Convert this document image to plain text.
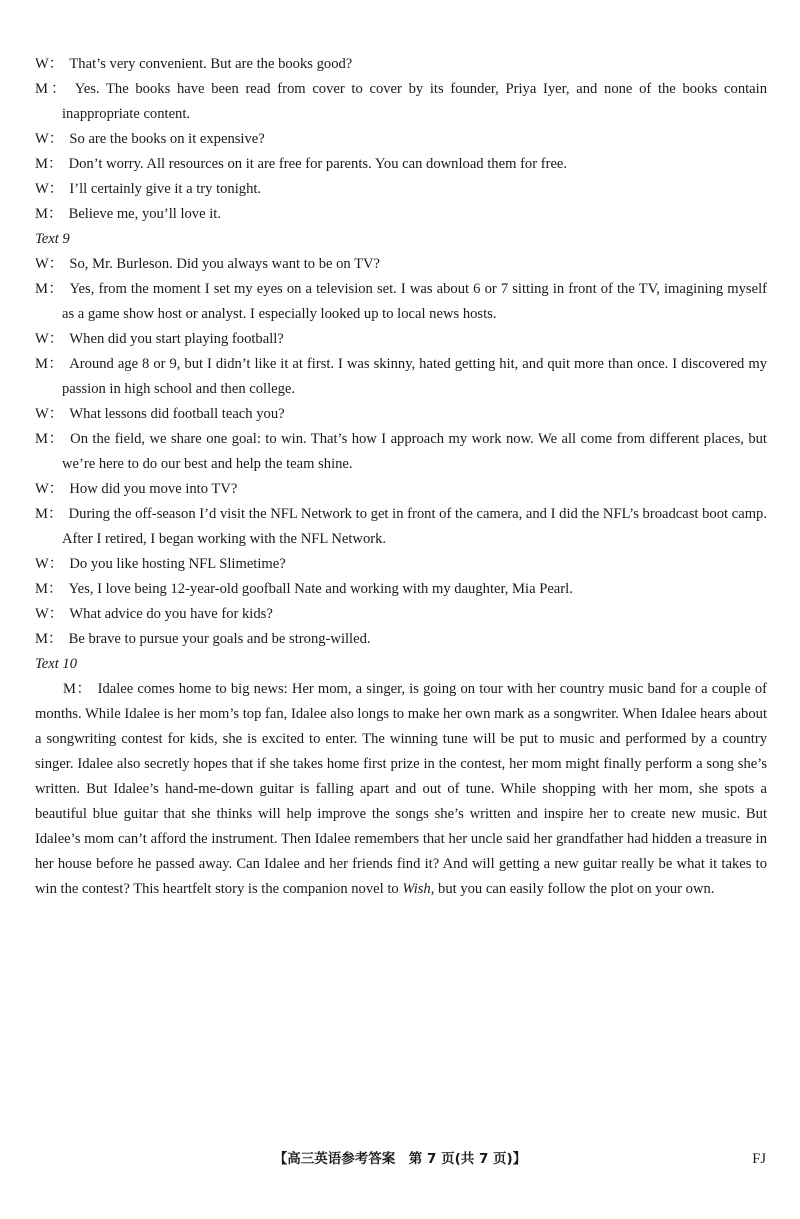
W： That’s very convenient. But are the books good?
M： Yes. The books have been read from cover to cover by its founder, Priya Iyer, and none of the books contain inappropriate content.
W： So are the books on it expensive?
M： Don’t worry. All resources on it are free for parents. You can download them for free.
W： I’ll certainly give it a try tonight.
M： Believe me, you’ll love it.
Text 9
W： So, Mr. Burleson. Did you always want to be on TV?
M： Yes, from the moment I set my eyes on a television set. I was about 6 or 7 sitting in front of the TV, imagining myself as a game show host or analyst. I especially looked up to local news hosts.
W： When did you start playing football?
M： Around age 8 or 9, but I didn’t like it at first. I was skinny, hated getting hit, and quit more than once. I discovered my passion in high school and then college.
W： What lessons did football teach you?
M： On the field, we share one goal: to win. That’s how I approach my work now. We all come from different places, but we’re here to do our best and help the team shine.
W： How did you move into TV?
M： During the off-season I’d visit the NFL Network to get in front of the camera, and I did the NFL’s broadcast boot camp. After I retired, I began working with the NFL Network.
W： Do you like hosting NFL Slimetime?
M： Yes, I love being 12-year-old goofball Nate and working with my daughter, Mia Pearl.
W： What advice do you have for kids?
M： Be brave to pursue your goals and be strong-willed.
Text 10
M： Idalee comes home to big news: Her mom, a singer, is going on tour with her country music band for a couple of months. While Idalee is her mom’s top fan, Idalee also longs to make her own mark as a songwriter. When Idalee hears about a songwriting contest for kids, she is excited to enter. The winning tune will be put to music and performed by a country singer. Idalee also secretly hopes that if she takes home first prize in the contest, her mom might finally perform a song she’s written. But Idalee’s hand-me-down guitar is falling apart and out of tune. While shopping with her mom, she spots a beautiful blue guitar that she thinks will help improve the songs she’s written and inspire her to create new music. But Idalee’s mom can’t afford the instrument. Then Idalee remembers that her uncle said her grandfather had hidden a treasure in her house before he passed away. Can Idalee and her friends find it? And will getting a new guitar really be what it takes to win the contest? This heartfelt story is the companion novel to Wish, but you can easily follow the plot on your own.
【高三英语参考答案　第 7 页(共 7 页)】	FJ
